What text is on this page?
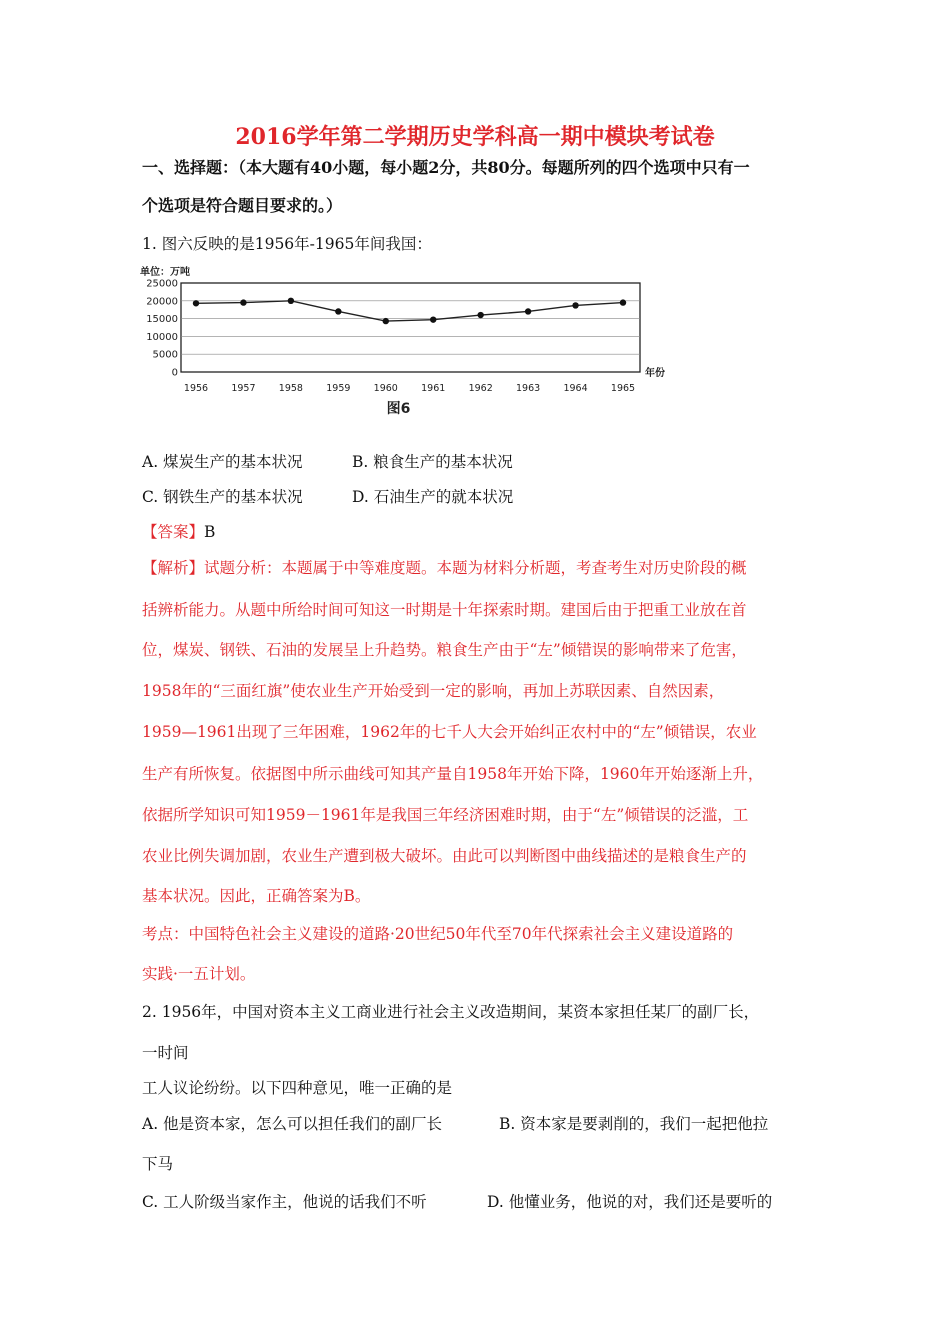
2016学年第二学期历史学科高一期中模块考试卷
一、选择题：（本大题有40小题，每小题2分，共80分。每题所列的四个选项中只有一
个选项是符合题目要求的。）
1. 图六反映的是1956年-1965年间我国：
25000
20000
15000
10000
5000
0
单位：万吨
年份
1956 1957 1958 1959 1960 1961 1962 1963 1964 1965
图6
A. 煤炭生产的基本状况	B. 粮食生产的基本状况
C. 钢铁生产的基本状况	D. 石油生产的就本状况
【答案】B
【解析】试题分析：本题属于中等难度题。本题为材料分析题，考查考生对历史阶段的概
括辨析能力。从题中所给时间可知这一时期是十年探索时期。建国后由于把重工业放在首
位，煤炭、钢铁、石油的发展呈上升趋势。粮食生产由于“左”倾错误的影响带来了危害，
1958年的“三面红旗”使农业生产开始受到一定的影响，再加上苏联因素、自然因素，
1959—1961出现了三年困难，1962年的七千人大会开始纠正农村中的“左”倾错误，农业
生产有所恢复。依据图中所示曲线可知其产量自1958年开始下降，1960年开始逐渐上升，
依据所学知识可知1959－1961年是我国三年经济困难时期，由于“左”倾错误的泛滥，工
农业比例失调加剧，农业生产遭到极大破坏。由此可以判断图中曲线描述的是粮食生产的
基本状况。因此，正确答案为B。
考点：中国特色社会主义建设的道路·20世纪50年代至70年代探索社会主义建设道路的
实践·一五计划。
2. 1956年，中国对资本主义工商业进行社会主义改造期间，某资本家担任某厂的副厂长，
一时间
工人议论纷纷。以下四种意见，唯一正确的是
A. 他是资本家，怎么可以担任我们的副厂长	B. 资本家是要剥削的，我们一起把他拉
下马
C. 工人阶级当家作主，他说的话我们不听	D. 他懂业务，他说的对，我们还是要听的
